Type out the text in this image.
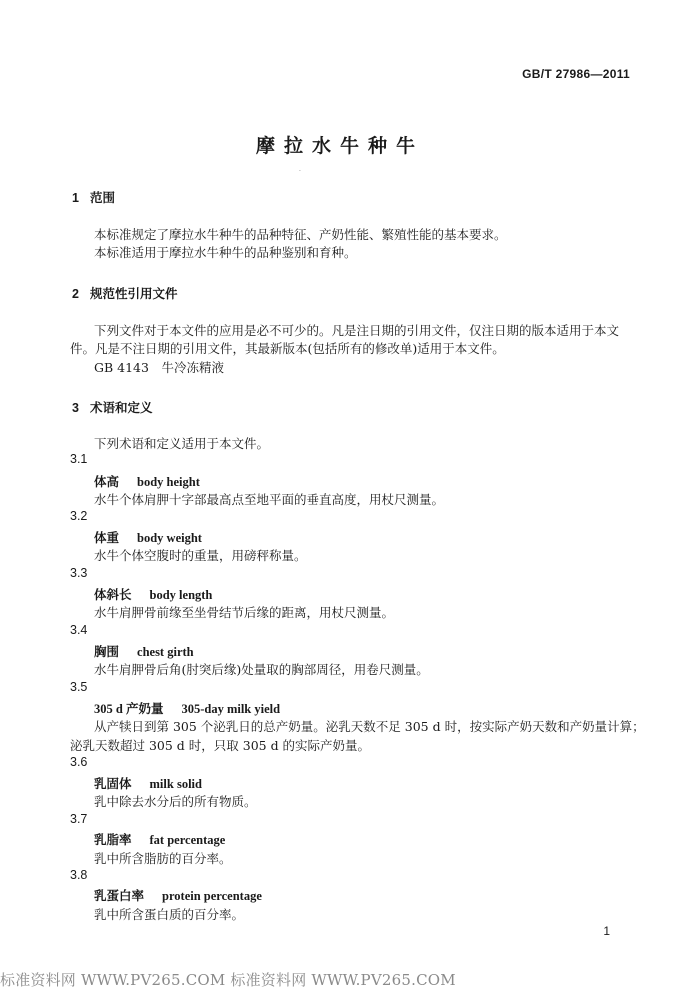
GB/T 27986—2011
摩拉水牛种牛
·
1 范围
本标准规定了摩拉水牛种牛的品种特征、产奶性能、繁殖性能的基本要求。
本标准适用于摩拉水牛种牛的品种鉴别和育种。
2 规范性引用文件
下列文件对于本文件的应用是必不可少的。凡是注日期的引用文件，仅注日期的版本适用于本文
件。凡是不注日期的引用文件，其最新版本(包括所有的修改单)适用于本文件。
GB 4143　牛冷冻精液
3 术语和定义
下列术语和定义适用于本文件。
3.1
体高 body height
水牛个体肩胛十字部最高点至地平面的垂直高度，用杖尺测量。
3.2
体重 body weight
水牛个体空腹时的重量，用磅秤称量。
3.3
体斜长 body length
水牛肩胛骨前缘至坐骨结节后缘的距离，用杖尺测量。
3.4
胸围 chest girth
水牛肩胛骨后角(肘突后缘)处量取的胸部周径，用卷尺测量。
3.5
305 d 产奶量 305-day milk yield
从产犊日到第 305 个泌乳日的总产奶量。泌乳天数不足 305 d 时，按实际产奶天数和产奶量计算；
泌乳天数超过 305 d 时，只取 305 d 的实际产奶量。
3.6
乳固体 milk solid
乳中除去水分后的所有物质。
3.7
乳脂率 fat percentage
乳中所含脂肪的百分率。
3.8
乳蛋白率 protein percentage
乳中所含蛋白质的百分率。
1
标准资料网 WWW.PV265.COM 标准资料网 WWW.PV265.COM
